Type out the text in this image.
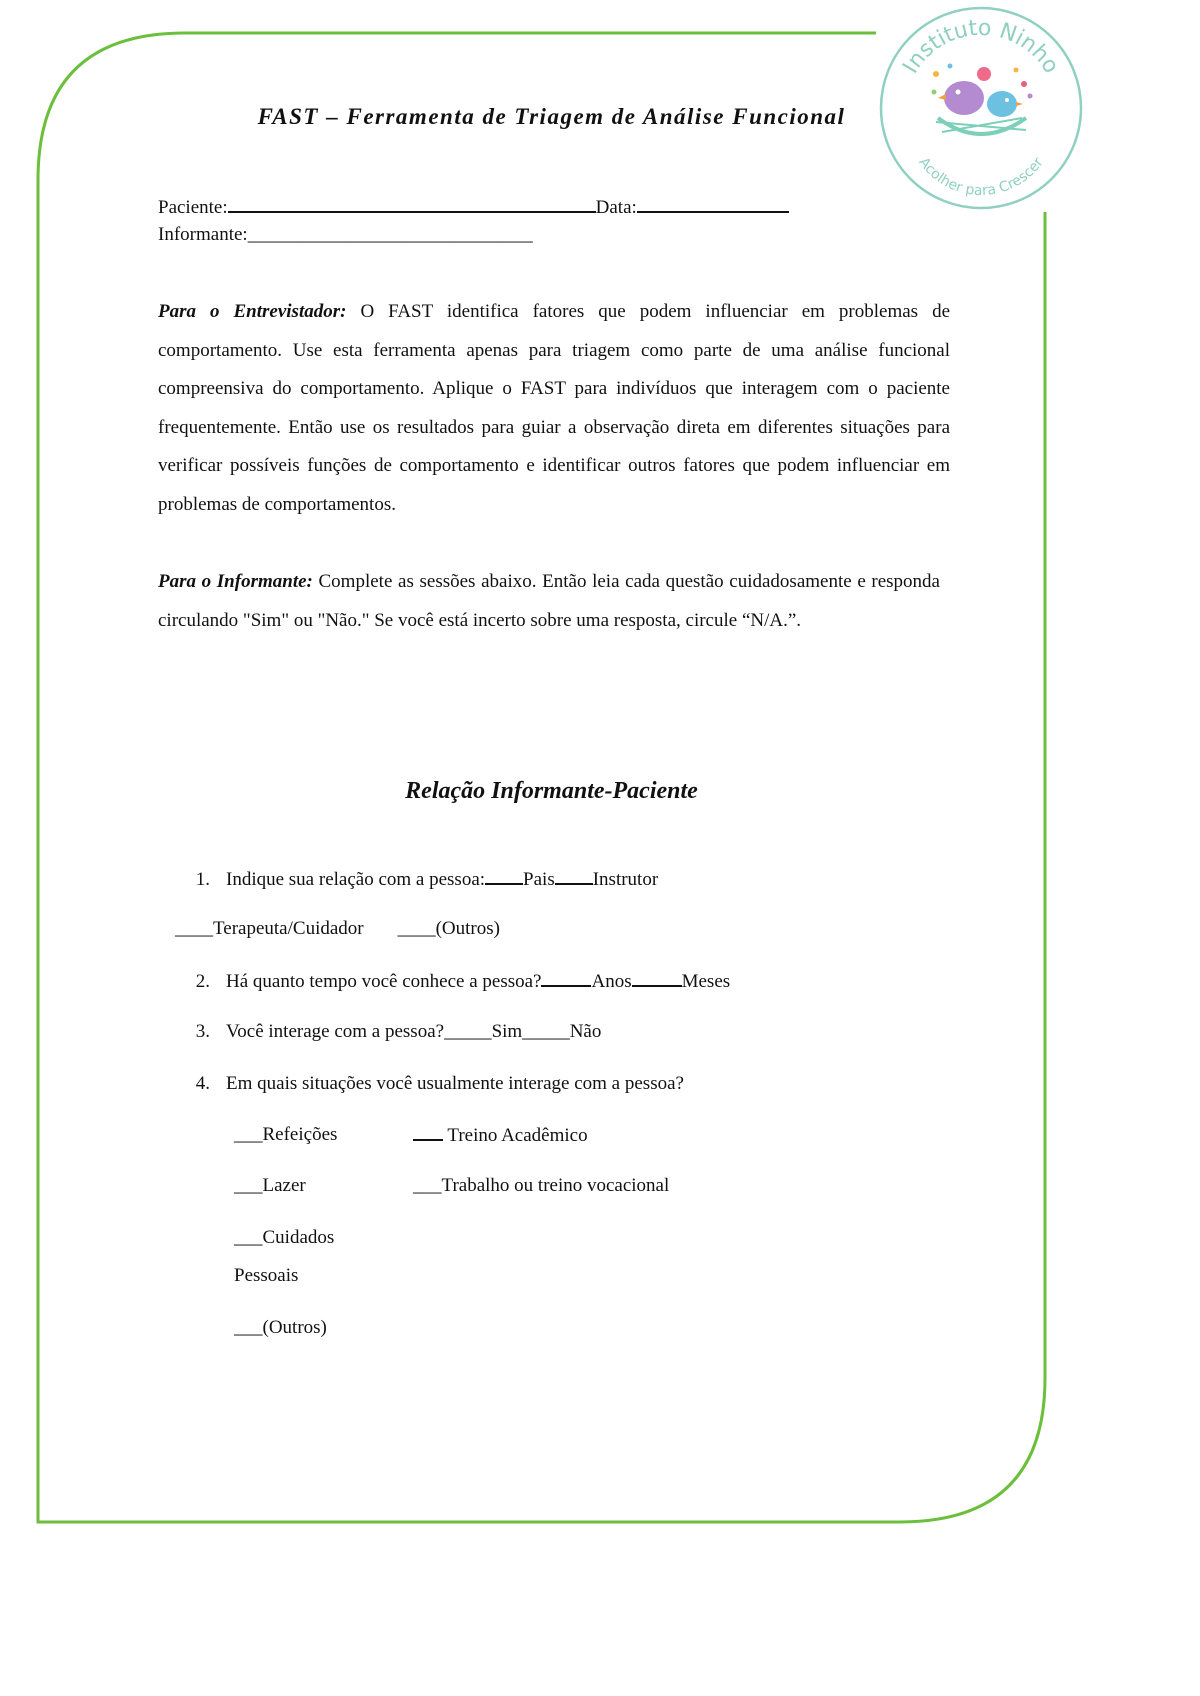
Instituto Ninho
Acolher para Crescer
FAST – Ferramenta de Triagem de Análise Funcional
Paciente:	Data:
Informante:______________________________
Para o Entrevistador: O FAST identifica fatores que podem influenciar em problemas de comportamento. Use esta ferramenta apenas para triagem como parte de uma análise funcional compreensiva do comportamento. Aplique o FAST para indivíduos que interagem com o paciente frequentemente. Então use os resultados para guiar a observação direta em diferentes situações para verificar possíveis funções de comportamento e identificar outros fatores que podem influenciar em problemas de comportamentos.
Para o Informante: Complete as sessões abaixo. Então leia cada questão cuidadosamente e responda circulando "Sim" ou "Não." Se você está incerto sobre uma resposta, circule “N/A.”.
Relação Informante-Paciente
1. Indique sua relação com a pessoa: Pais Instrutor
____Terapeuta/Cuidador ____(Outros)
2. Há quanto tempo você conhece a pessoa?	Anos	Meses
3. Você interage com a pessoa?_____Sim_____Não
4. Em quais situações você usualmente interage com a pessoa?
___Refeições	Treino Acadêmico
___Lazer	___Trabalho ou treino vocacional
___Cuidados
Pessoais
___(Outros)
